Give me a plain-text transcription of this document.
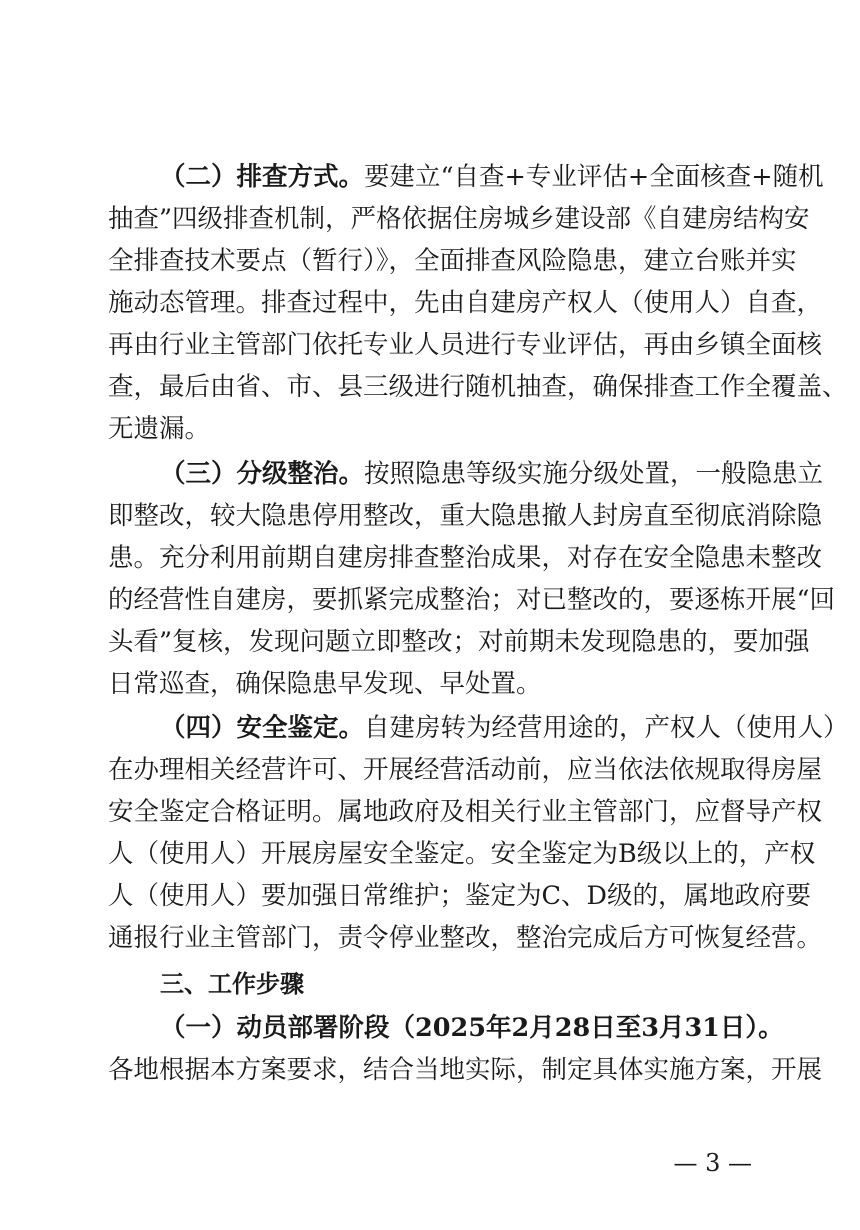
（二）排查方式。要建立“自查+专业评估+全面核查+随机
抽查”四级排查机制，严格依据住房城乡建设部《自建房结构安
全排查技术要点（暂行）》，全面排查风险隐患，建立台账并实
施动态管理。排查过程中，先由自建房产权人（使用人）自查，
再由行业主管部门依托专业人员进行专业评估，再由乡镇全面核
查，最后由省、市、县三级进行随机抽查，确保排查工作全覆盖、
无遗漏。
（三）分级整治。按照隐患等级实施分级处置，一般隐患立
即整改，较大隐患停用整改，重大隐患撤人封房直至彻底消除隐
患。充分利用前期自建房排查整治成果，对存在安全隐患未整改
的经营性自建房，要抓紧完成整治；对已整改的，要逐栋开展“回
头看”复核，发现问题立即整改；对前期未发现隐患的，要加强
日常巡查，确保隐患早发现、早处置。
（四）安全鉴定。自建房转为经营用途的，产权人（使用人）
在办理相关经营许可、开展经营活动前，应当依法依规取得房屋
安全鉴定合格证明。属地政府及相关行业主管部门，应督导产权
人（使用人）开展房屋安全鉴定。安全鉴定为B级以上的，产权
人（使用人）要加强日常维护；鉴定为C、D级的，属地政府要
通报行业主管部门，责令停业整改，整治完成后方可恢复经营。
三、工作步骤
（一）动员部署阶段（2025年2月28日至3月31日）。
各地根据本方案要求，结合当地实际，制定具体实施方案，开展
— 3 —
